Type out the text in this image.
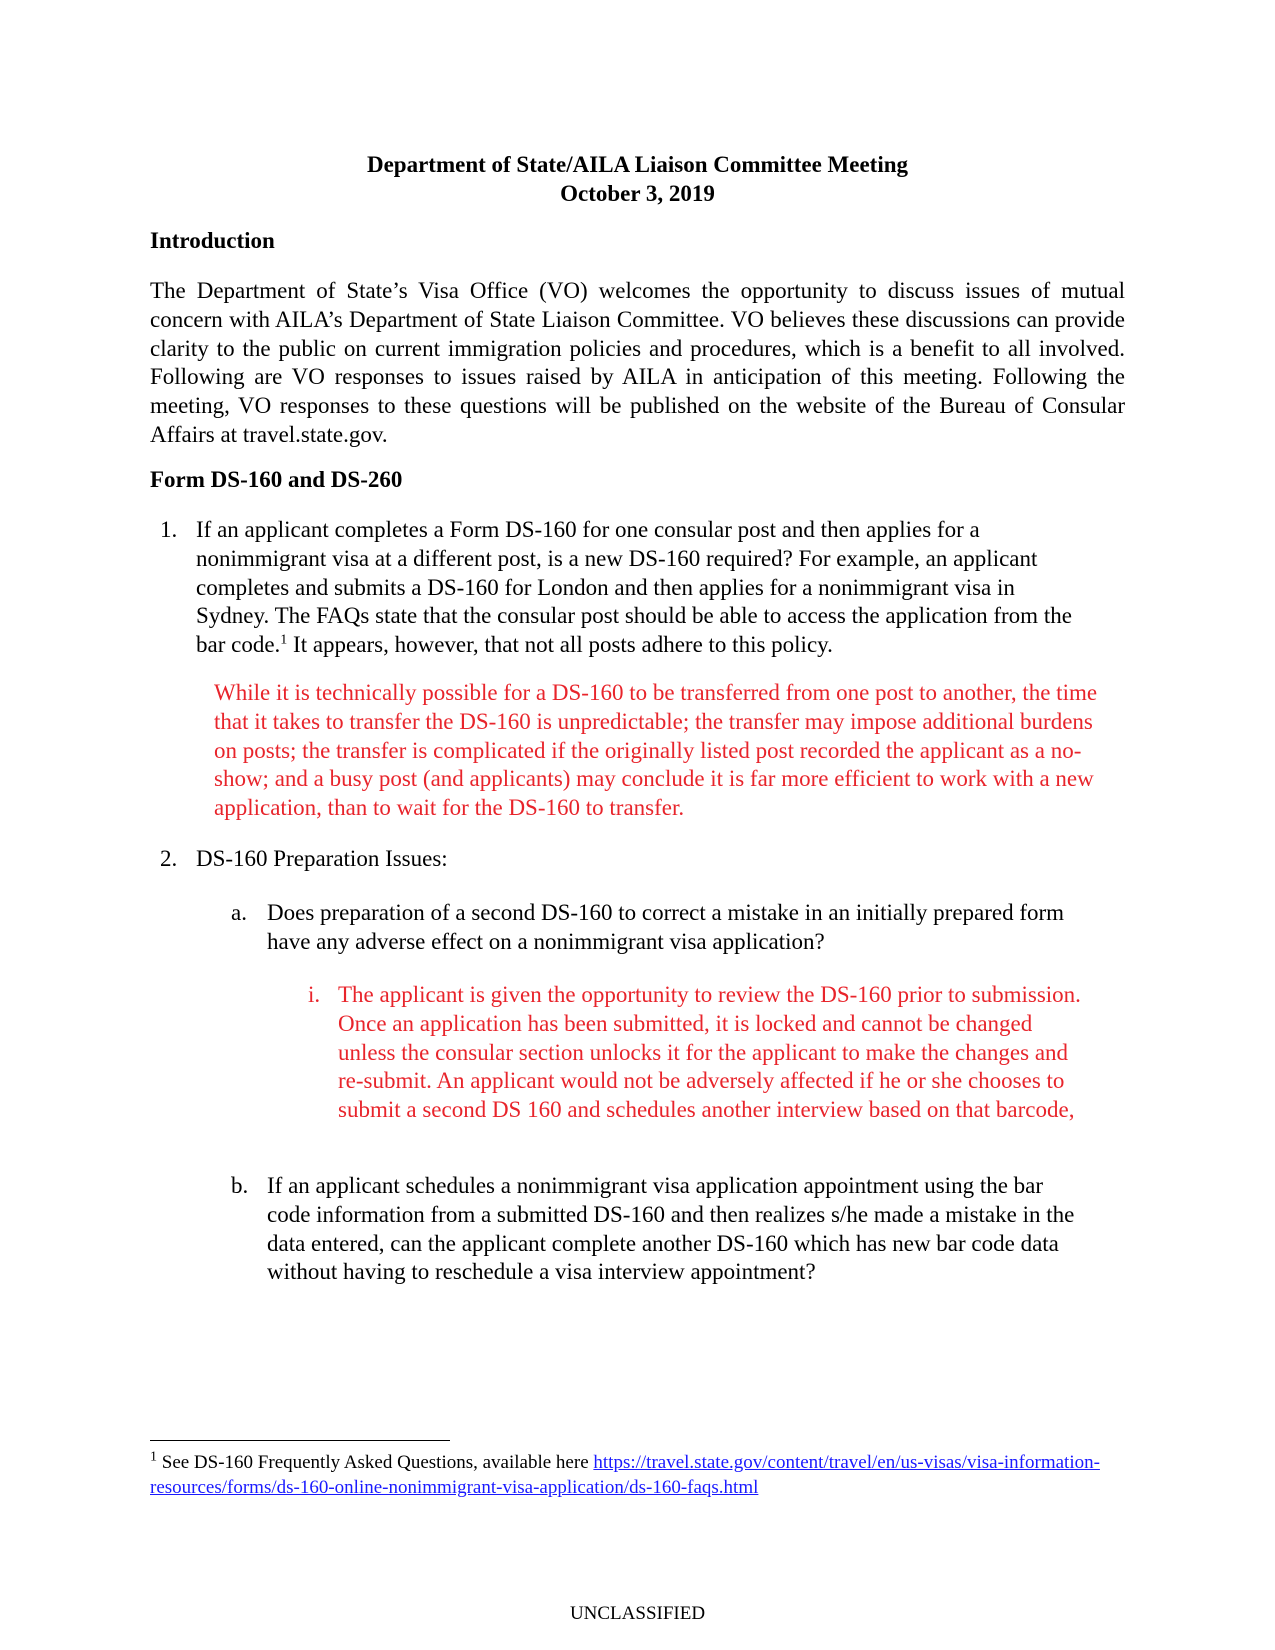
Department of State/AILA Liaison Committee Meeting
October 3, 2019
Introduction

The Department of State’s Visa Office (VO) welcomes the opportunity to discuss issues of mutual concern with AILA’s Department of State Liaison Committee. VO believes these discussions can provide clarity to the public on current immigration policies and procedures, which is a benefit to all involved. Following are VO responses to issues raised by AILA in anticipation of this meeting. Following the meeting, VO responses to these questions will be published on the website of the Bureau of Consular Affairs at travel.state.gov.

Form DS-160 and DS-260
1. If an applicant completes a Form DS-160 for one consular post and then applies for a nonimmigrant visa at a different post, is a new DS-160 required? For example, an applicant completes and submits a DS-160 for London and then applies for a nonimmigrant visa in Sydney. The FAQs state that the consular post should be able to access the application from the bar code.$^1$ It appears, however, that not all posts adhere to this policy.

While it is technically possible for a DS-160 to be transferred from one post to another, the time that it takes to transfer the DS-160 is unpredictable; the transfer may impose additional burdens on posts; the transfer is complicated if the originally listed post recorded the applicant as a no-show; and a busy post (and applicants) may conclude it is far more efficient to work with a new application, than to wait for the DS-160 to transfer.

2. DS-160 Preparation Issues:
a. Does preparation of a second DS-160 to correct a mistake in an initially prepared form have any adverse effect on a nonimmigrant visa application?

i. The applicant is given the opportunity to review the DS-160 prior to submission. Once an application has been submitted, it is locked and cannot be changed unless the consular section unlocks it for the applicant to make the changes and re-submit. An applicant would not be adversely affected if he or she chooses to submit a second DS 160 and schedules another interview based on that barcode,

b. If an applicant schedules a nonimmigrant visa application appointment using the bar code information from a submitted DS-160 and then realizes s/he made a mistake in the data entered, can the applicant complete another DS-160 which has new bar code data without having to reschedule a visa interview appointment?

$^1$ See DS-160 Frequently Asked Questions, available here https://travel.state.gov/content/travel/en/us-visas/visa-information-resources/forms/ds-160-online-nonimmigrant-visa-application/ds-160-faqs.html
UNCLASSIFIED
